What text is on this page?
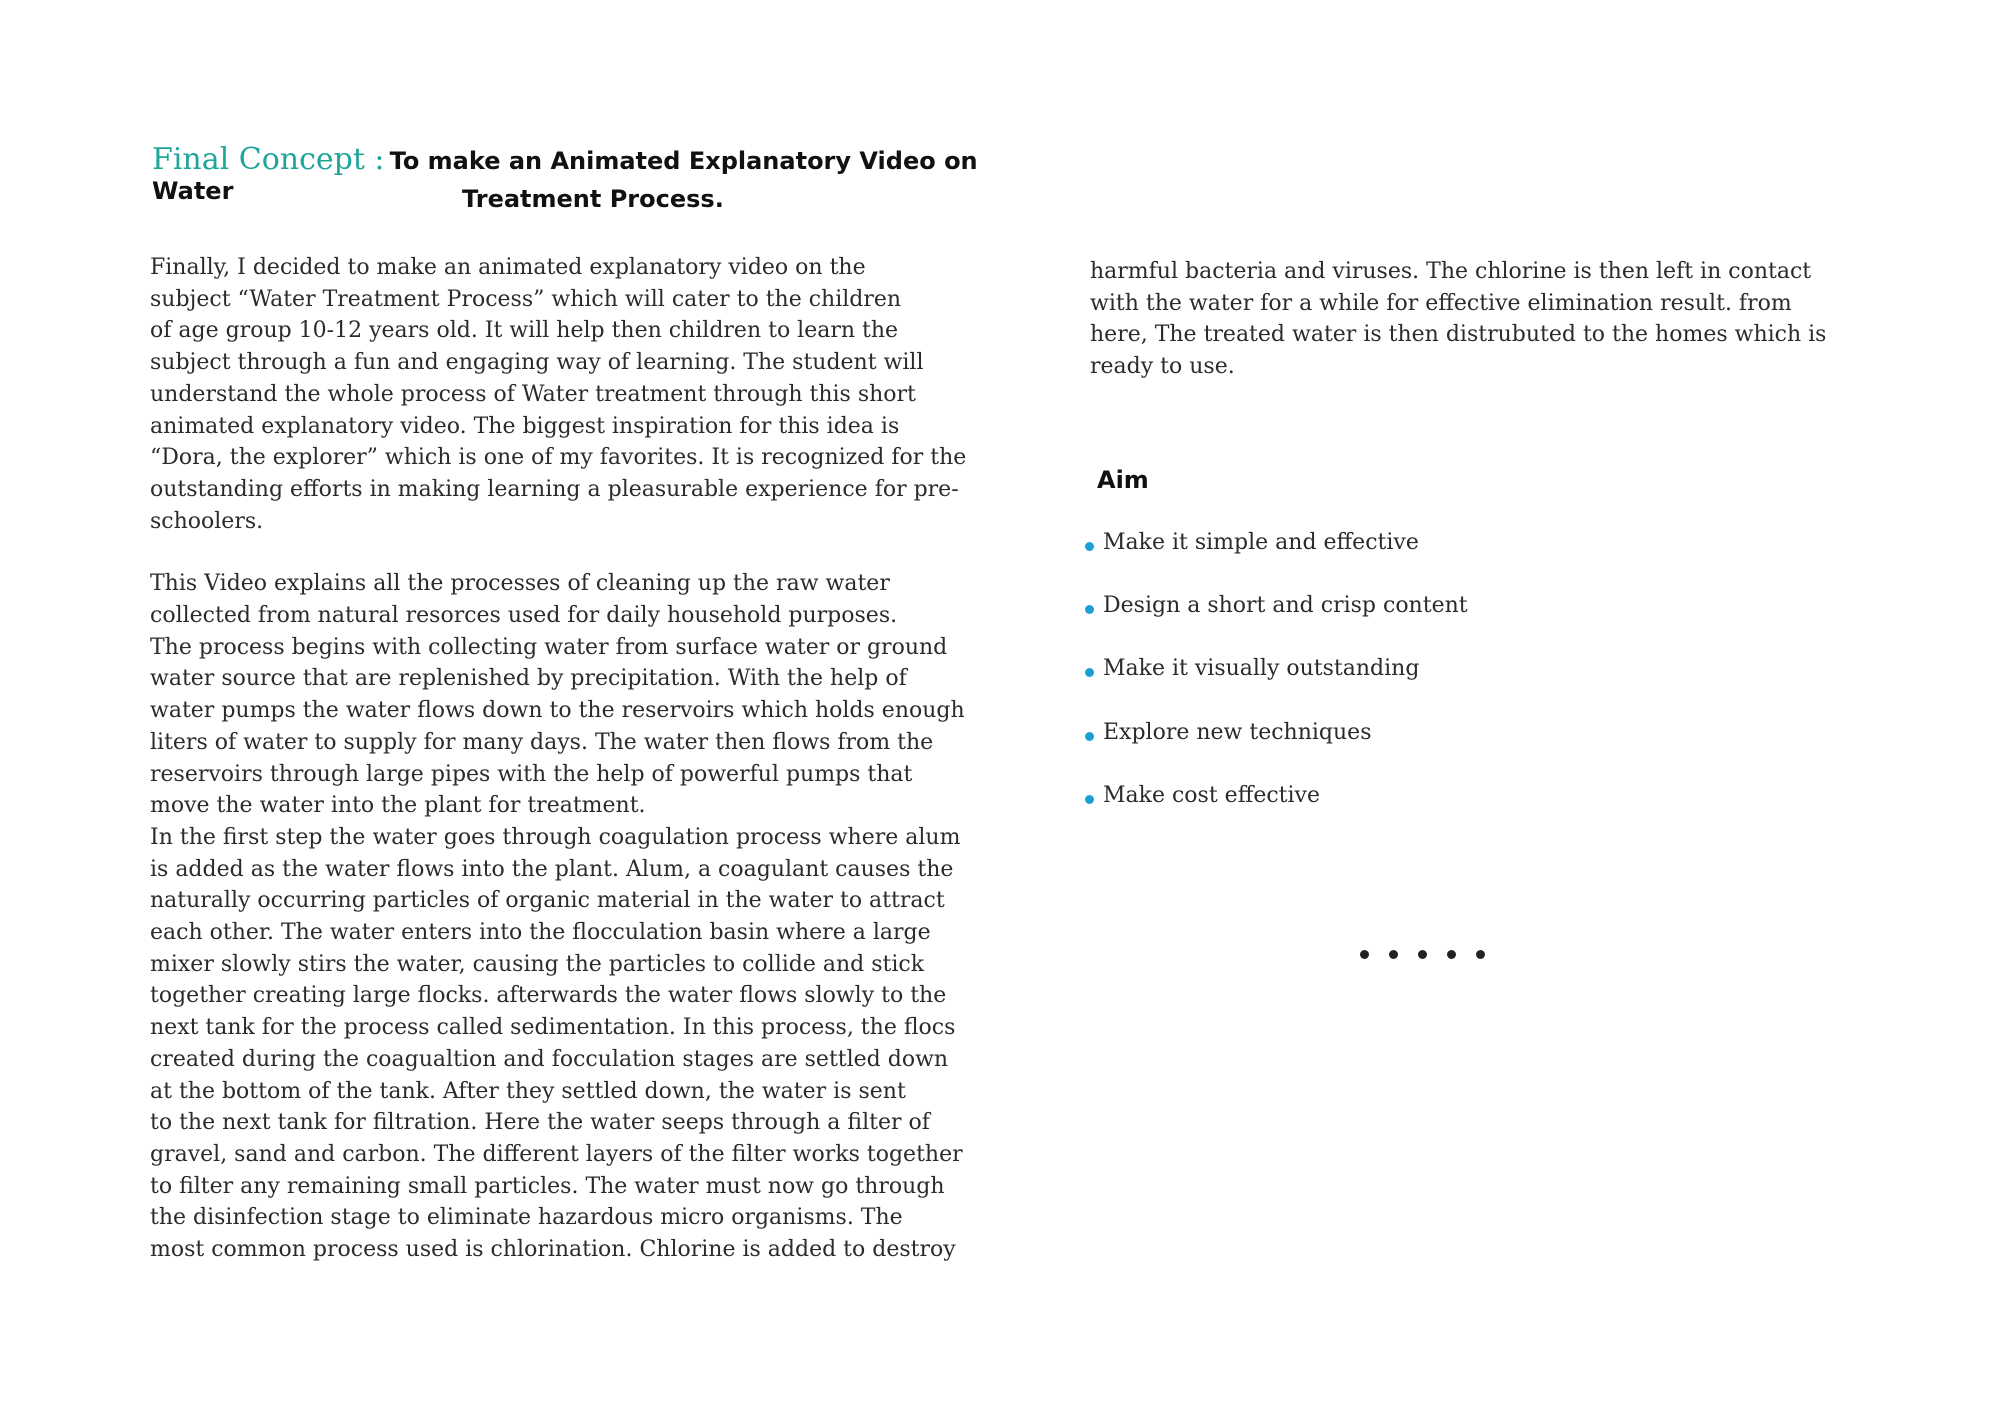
Final Concept : To make an Animated Explanatory Video on Water	Treatment Process.

Finally, I decided to make an animated explanatory video on the
subject “Water Treatment Process” which will cater to the children
of age group 10-12 years old. It will help then children to learn the
subject through a fun and engaging way of learning. The student will
understand the whole process of Water treatment through this short
animated explanatory video. The biggest inspiration for this idea is
“Dora, the explorer” which is one of my favorites. It is recognized for the
outstanding efforts in making learning a pleasurable experience for pre-
schoolers.

This Video explains all the processes of cleaning up the raw water
collected from natural resorces used for daily household purposes.
The process begins with collecting water from surface water or ground
water source that are replenished by precipitation. With the help of
water pumps the water flows down to the reservoirs which holds enough
liters of water to supply for many days. The water then flows from the
reservoirs through large pipes with the help of powerful pumps that
move the water into the plant for treatment.
In the first step the water goes through coagulation process where alum
is added as the water flows into the plant. Alum, a coagulant causes the
naturally occurring particles of organic material in the water to attract
each other. The water enters into the flocculation basin where a large
mixer slowly stirs the water, causing the particles to collide and stick
together creating large flocks. afterwards the water flows slowly to the
next tank for the process called sedimentation. In this process, the flocs
created during the coagualtion and focculation stages are settled down
at the bottom of the tank. After they settled down, the water is sent
to the next tank for filtration. Here the water seeps through a filter of
gravel, sand and carbon. The different layers of the filter works together
to filter any remaining small particles. The water must now go through
the disinfection stage to eliminate hazardous micro organisms. The
most common process used is chlorination. Chlorine is added to destroy

harmful bacteria and viruses. The chlorine is then left in contact
with the water for a while for effective elimination result. from
here, The treated water is then distrubuted to the homes which is
ready to use.

Aim
Make it simple and effective
Design a short and crisp content
Make it visually outstanding
Explore new techniques
Make cost effective
